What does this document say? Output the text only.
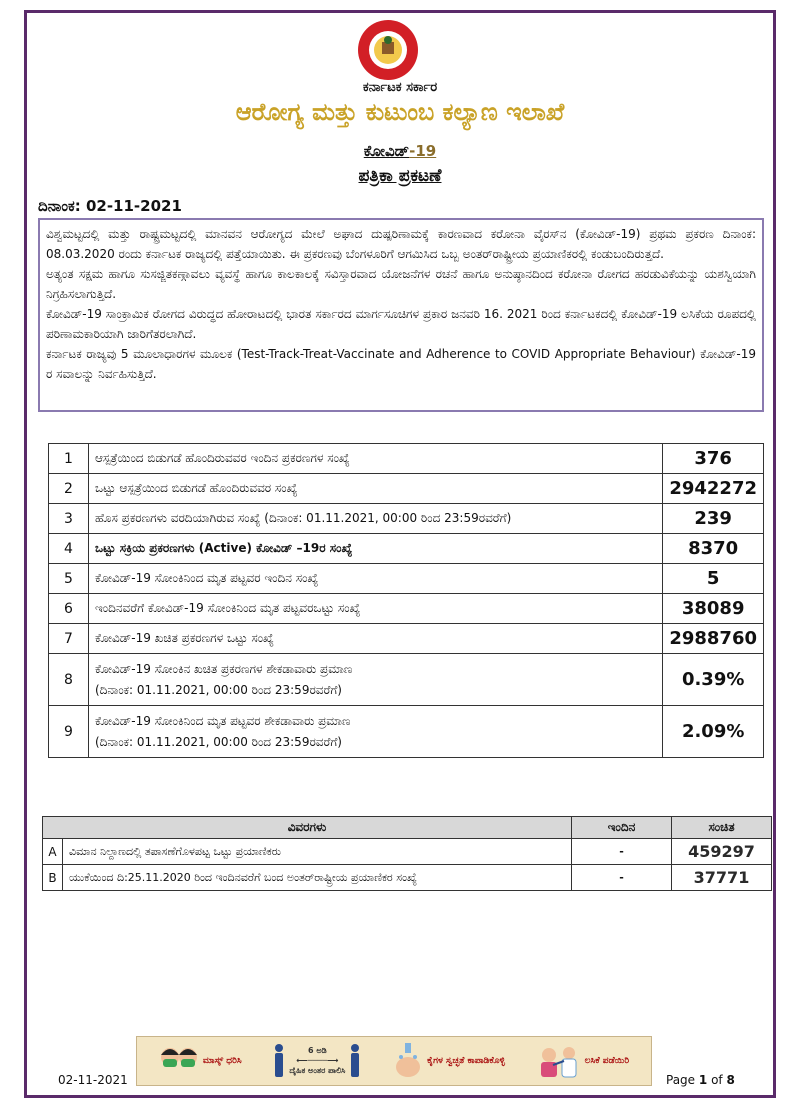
ಕರ್ನಾಟಕ ಸರ್ಕಾರ
ಆರೋಗ್ಯ ಮತ್ತು ಕುಟುಂಬ ಕಲ್ಯಾಣ ಇಲಾಖೆ
ಕೋವಿಡ್-19
ಪತ್ರಿಕಾ ಪ್ರಕಟಣೆ
ದಿನಾಂಕ: 02-11-2021

ವಿಶ್ವಮಟ್ಟದಲ್ಲಿ ಮತ್ತು ರಾಷ್ಟ್ರಮಟ್ಟದಲ್ಲಿ ಮಾನವನ ಆರೋಗ್ಯದ ಮೇಲೆ ಅಘಾದ ದುಷ್ಪರಿಣಾಮಕ್ಕೆ ಕಾರಣವಾದ ಕರೋನಾ ವೈರಸ್‌ನ (ಕೋವಿಡ್-19) ಪ್ರಥಮ ಪ್ರಕರಣ ದಿನಾಂಕ: 08.03.2020 ರಂದು ಕರ್ನಾಟಕ ರಾಜ್ಯದಲ್ಲಿ ಪತ್ತೆಯಾಯಿತು. ಈ ಪ್ರಕರಣವು ಬೆಂಗಳೂರಿಗೆ ಆಗಮಿಸಿದ ಒಬ್ಬ ಅಂತರ್‌ರಾಷ್ಟ್ರೀಯ ಪ್ರಯಾಣಿಕರಲ್ಲಿ ಕಂಡುಬಂದಿರುತ್ತದೆ.

ಅತ್ಯಂತ ಸಕ್ಷಮ ಹಾಗೂ ಸುಸಜ್ಜಿತಕಣ್ಗಾವಲು ವ್ಯವಸ್ಥೆ ಹಾಗೂ ಕಾಲಕಾಲಕ್ಕೆ ಸವಿಸ್ತಾರವಾದ ಯೋಜನೆಗಳ ರಚನೆ ಹಾಗೂ ಅನುಷ್ಠಾನದಿಂದ ಕರೋನಾ ರೋಗದ ಹರಡುವಿಕೆಯನ್ನು ಯಶಸ್ವಿಯಾಗಿ ನಿಗ್ರಹಿಸಲಾಗುತ್ತಿದೆ.

ಕೋವಿಡ್-19 ಸಾಂಕ್ರಾಮಿಕ ರೋಗದ ವಿರುದ್ಧದ ಹೋರಾಟದಲ್ಲಿ ಭಾರತ ಸರ್ಕಾರದ ಮಾರ್ಗಸೂಚಿಗಳ ಪ್ರಕಾರ ಜನವರಿ 16. 2021 ರಿಂದ ಕರ್ನಾಟಕದಲ್ಲಿ ಕೋವಿಡ್-19 ಲಸಿಕೆಯ ರೂಪದಲ್ಲಿ ಪರಿಣಾಮಕಾರಿಯಾಗಿ ಜಾರಿಗೆತರಲಾಗಿದೆ.

ಕರ್ನಾಟಕ ರಾಜ್ಯವು 5 ಮೂಲಾಧಾರಗಳ ಮೂಲಕ (Test-Track-Treat-Vaccinate and Adherence to COVID Appropriate Behaviour) ಕೋವಿಡ್-19 ರ ಸವಾಲನ್ನು ನಿರ್ವಹಿಸುತ್ತಿದೆ.

1	ಆಸ್ಪತ್ರೆಯಿಂದ ಬಿಡುಗಡೆ ಹೊಂದಿರುವವರ ಇಂದಿನ ಪ್ರಕರಣಗಳ ಸಂಖ್ಯೆ	376
2	ಒಟ್ಟು ಆಸ್ಪತ್ರೆಯಿಂದ ಬಿಡುಗಡೆ ಹೊಂದಿರುವವರ ಸಂಖ್ಯೆ	2942272
3	ಹೊಸ ಪ್ರಕರಣಗಳು ವರದಿಯಾಗಿರುವ ಸಂಖ್ಯೆ (ದಿನಾಂಕ: 01.11.2021, 00:00 ರಿಂದ 23:59ರವರೆಗೆ)	239
4	ಒಟ್ಟು ಸಕ್ರಿಯ ಪ್ರಕರಣಗಳು (Active) ಕೋವಿಡ್ –19ರ ಸಂಖ್ಯೆ	8370
5	ಕೋವಿಡ್-19 ಸೋಂಕಿನಿಂದ ಮೃತ ಪಟ್ಟವರ ಇಂದಿನ ಸಂಖ್ಯೆ	5
6	ಇಂದಿನವರೆಗೆ ಕೋವಿಡ್-19 ಸೋಂಕಿನಿಂದ ಮೃತ ಪಟ್ಟವರಒಟ್ಟು ಸಂಖ್ಯೆ	38089
7	ಕೋವಿಡ್-19 ಖಚಿತ ಪ್ರಕರಣಗಳ ಒಟ್ಟು ಸಂಖ್ಯೆ	2988760
8	ಕೋವಿಡ್-19 ಸೋಂಕಿನ ಖಚಿತ ಪ್ರಕರಣಗಳ ಶೇಕಡಾವಾರು ಪ್ರಮಾಣ
(ದಿನಾಂಕ: 01.11.2021, 00:00 ರಿಂದ 23:59ರವರೆಗೆ)	0.39%
9	ಕೋವಿಡ್-19 ಸೋಂಕಿನಿಂದ ಮೃತ ಪಟ್ಟವರ ಶೇಕಡಾವಾರು ಪ್ರಮಾಣ
(ದಿನಾಂಕ: 01.11.2021, 00:00 ರಿಂದ 23:59ರವರೆಗೆ)	2.09%
ವಿವರಗಳು		ಇಂದಿನ	ಸಂಚಿತ
A	ವಿಮಾನ ನಿಲ್ದಾಣದಲ್ಲಿ ತಪಾಸಣೆಗೊಳಪಟ್ಟ ಒಟ್ಟು ಪ್ರಯಾಣಿಕರು	-	459297
B	ಯುಕೆಯಿಂದ ದಿ:25.11.2020 ರಿಂದ ಇಂದಿನವರೆಗೆ ಬಂದ ಅಂತರ್‌ರಾಷ್ಟ್ರೀಯ ಪ್ರಯಾಣಿಕರ ಸಂಖ್ಯೆ	-	37771
ಮಾಸ್ಕ್ ಧರಿಸಿ
6 ಅಡಿ
⟵────⟶
ದೈಹಿಕ ಅಂತರ ಪಾಲಿಸಿ
ಕೈಗಳ ಸ್ವಚ್ಛತೆ ಕಾಪಾಡಿಕೊಳ್ಳಿ	ಲಸಿಕೆ ಪಡೆಯಿರಿ
02-11-2021	Page 1 of 8
